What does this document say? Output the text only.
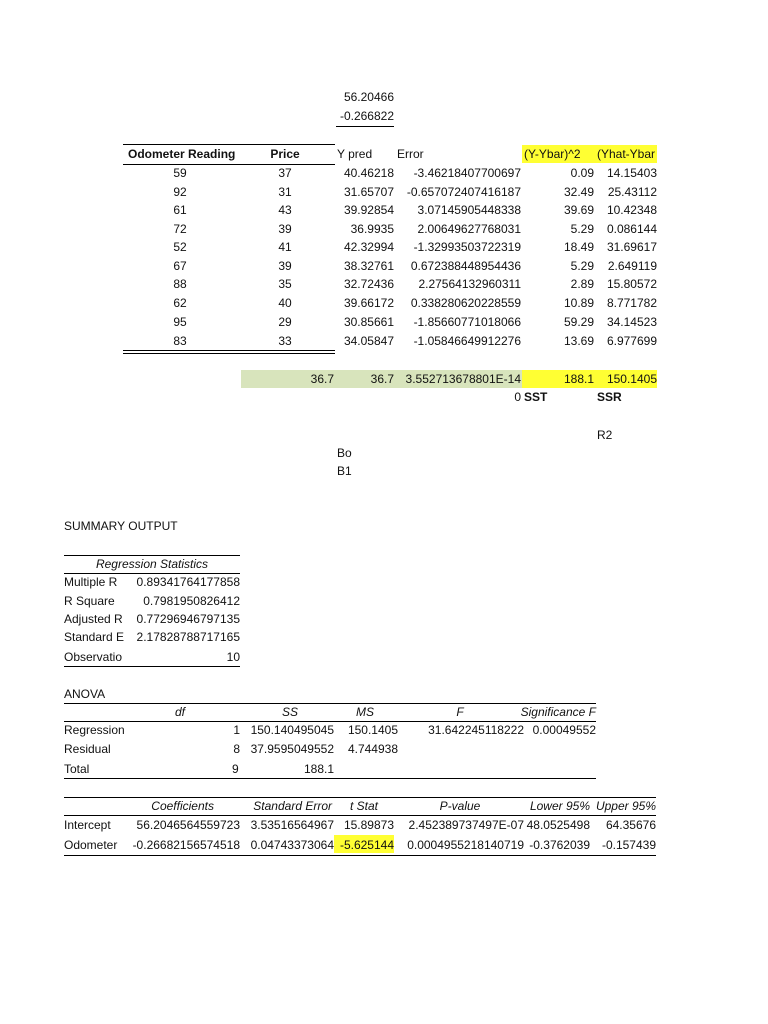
56.20466
-0.266822
Odometer Reading	Price	Y pred Error	(Y-Ybar)^2 (Yhat-Ybar
59	37	40.46218	-3.46218407700697	0.09	14.15403
92	31	31.65707	-0.657072407416187	32.49	25.43112
61	43	39.92854	3.07145905448338	39.69	10.42348
72	39	36.9935	2.00649627768031	5.29	0.086144
52	41	42.32994	-1.32993503722319	18.49	31.69617
67	39	38.32761	0.672388448954436	5.29	2.649119
88	35	32.72436	2.27564132960311	2.89	15.80572
62	40	39.66172	0.338280620228559	10.89	8.771782
95	29	30.85661	-1.85660771018066	59.29	34.14523
83	33	34.05847	-1.05846649912276	13.69	6.977699
36.7	36.7 3.552713678801E-14	188.1	150.1405
0 SST	SSR
R2
Bo
B1
SUMMARY OUTPUT
Regression Statistics
Multiple R	0.89341764177858
R Square	0.7981950826412
Adjusted R	0.77296946797135
Standard E	2.17828788717165
Observatio	10
ANOVA
df	SS	MS	F	Significance F
Regression	1 150.140495045	150.1405	31.642245118222 0.00049552
Residual	8 37.9595049552	4.744938
Total	9	188.1
Coefficients	Standard Error	t Stat	P-value	Lower 95% Upper 95%
Intercept	56.2046564559723 3.53516564967 15.89873	2.452389737497E-07 48.0525498	64.35676
Odometer	-0.26682156574518 0.04743373064 -5.625144	0.0004955218140719 -0.3762039 -0.157439
